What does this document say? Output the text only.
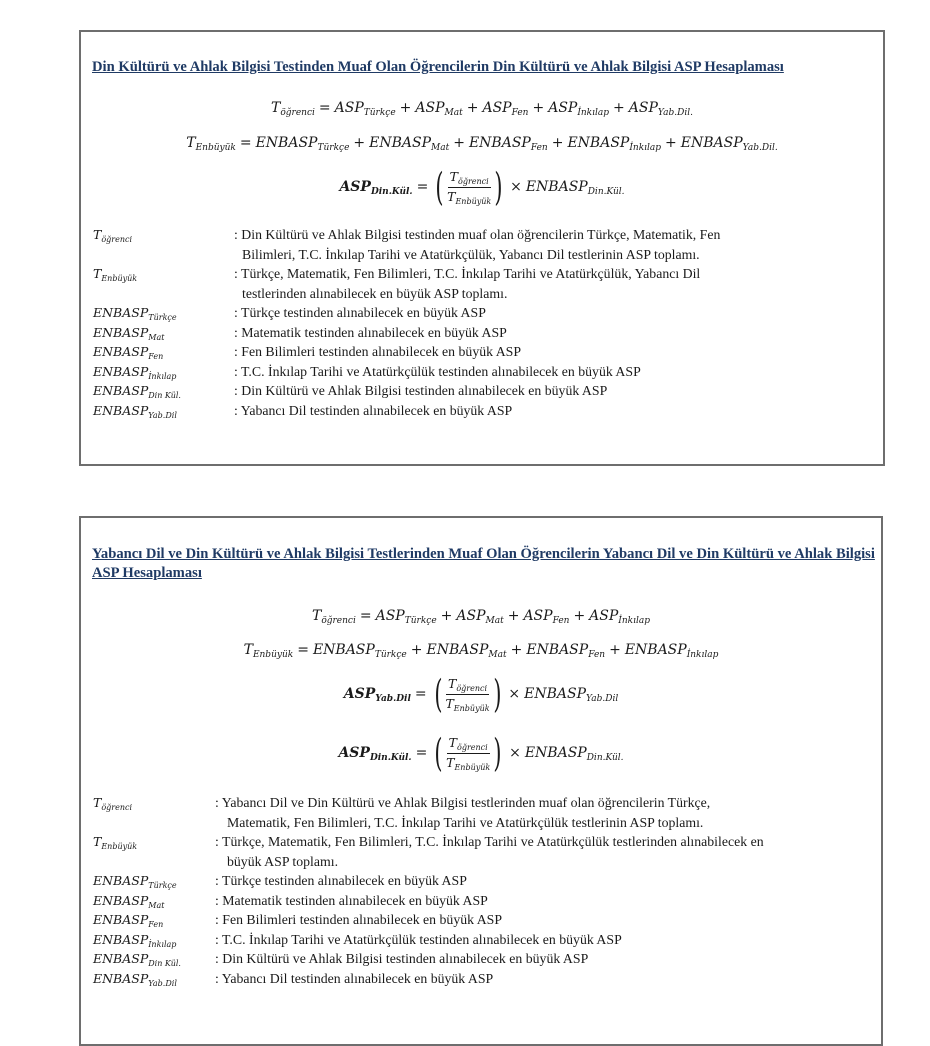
Din Kültürü ve Ahlak Bilgisi Testinden Muaf Olan Öğrencilerin Din Kültürü ve Ahlak Bilgisi ASP Hesaplaması
$T_{öğrenci} = ASP_{Türkçe} + ASP_{Mat} + ASP_{Fen} + ASP_{İnkılap} + ASP_{Yab.Dil.}$
$T_{Enbüyük}$ = $ENBASP_{Türkçe}$ + $ENBASP_{Mat}$ + $ENBASP_{Fen}$ + $ENBASP_{İnkılap}$ + $ENBASP_{Yab.Dil.}$
$ASP_{Din.Kül.}$ = ( $\frac{T_{öğrenci}}{T_{Enbüyük}}$ ) × $ENBASP_{Din.Kül.}$
$T_{öğrenci}$	: Din Kültürü ve Ahlak Bilgisi testinden muaf olan öğrencilerin Türkçe, Matematik, Fen
Bilimleri, T.C. İnkılap Tarihi ve Atatürkçülük, Yabancı Dil testlerinin ASP toplamı.
$T_{Enbüyük}$	: Türkçe, Matematik, Fen Bilimleri, T.C. İnkılap Tarihi ve Atatürkçülük, Yabancı Dil
testlerinden alınabilecek en büyük ASP toplamı.
$ENBASP_{Türkçe}$	: Türkçe testinden alınabilecek en büyük ASP
$ENBASP_{Mat}$	: Matematik testinden alınabilecek en büyük ASP
$ENBASP_{Fen}$	: Fen Bilimleri testinden alınabilecek en büyük ASP
$ENBASP_{İnkılap}$	: T.C. İnkılap Tarihi ve Atatürkçülük testinden alınabilecek en büyük ASP
$ENBASP_{Din Kül.}$	: Din Kültürü ve Ahlak Bilgisi testinden alınabilecek en büyük ASP
$ENBASP_{Yab.Dil}$	: Yabancı Dil testinden alınabilecek en büyük ASP
Yabancı Dil ve Din Kültürü ve Ahlak Bilgisi Testlerinden Muaf Olan Öğrencilerin Yabancı Dil ve Din Kültürü ve Ahlak Bilgisi ASP Hesaplaması
$T_{öğrenci} = ASP_{Türkçe} + ASP_{Mat} + ASP_{Fen} + ASP_{İnkılap}$
$T_{Enbüyük}$ = $ENBASP_{Türkçe}$ + $ENBASP_{Mat}$ + $ENBASP_{Fen}$ + $ENBASP_{İnkılap}$
$ASP_{Yab.Dil}$ = ( $\frac{T_{öğrenci}}{T_{Enbüyük}}$ ) × $ENBASP_{Yab.Dil}$
$ASP_{Din.Kül.}$ = ( $\frac{T_{öğrenci}}{T_{Enbüyük}}$ ) × $ENBASP_{Din.Kül.}$
$T_{öğrenci}$	: Yabancı Dil ve Din Kültürü ve Ahlak Bilgisi testlerinden muaf olan öğrencilerin Türkçe,
Matematik, Fen Bilimleri, T.C. İnkılap Tarihi ve Atatürkçülük testlerinin ASP toplamı.
$T_{Enbüyük}$	: Türkçe, Matematik, Fen Bilimleri, T.C. İnkılap Tarihi ve Atatürkçülük testlerinden alınabilecek en
büyük ASP toplamı.
$ENBASP_{Türkçe}$	: Türkçe testinden alınabilecek en büyük ASP
$ENBASP_{Mat}$	: Matematik testinden alınabilecek en büyük ASP
$ENBASP_{Fen}$	: Fen Bilimleri testinden alınabilecek en büyük ASP
$ENBASP_{İnkılap}$	: T.C. İnkılap Tarihi ve Atatürkçülük testinden alınabilecek en büyük ASP
$ENBASP_{Din Kül.}$ : Din Kültürü ve Ahlak Bilgisi testinden alınabilecek en büyük ASP
$ENBASP_{Yab.Dil}$	: Yabancı Dil testinden alınabilecek en büyük ASP
